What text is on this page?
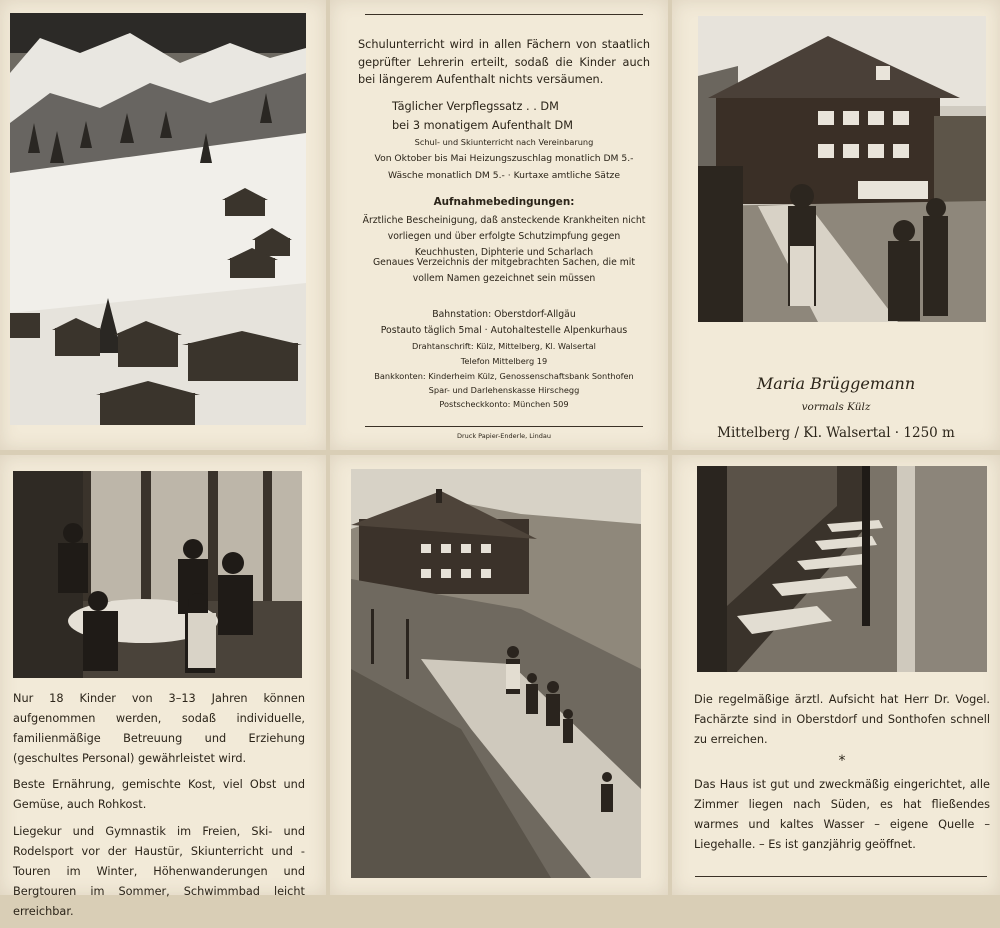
Schulunterricht wird in allen Fächern von staatlich geprüfter Lehrerin erteilt, sodaß die Kinder auch bei längerem Aufenthalt nichts versäumen.

Täglicher Verpflegssatz . . DM
bei 3 monatigem Aufenthalt DM
Schul- und Skiunterricht nach Vereinbarung
Von Oktober bis Mai Heizungszuschlag monatlich DM 5.-
Wäsche monatlich DM 5.- · Kurtaxe amtliche Sätze
Aufnahmebedingungen:
Ärztliche Bescheinigung, daß ansteckende Krankheiten nicht vorliegen und über erfolgte Schutzimpfung gegen Keuchhusten, Diphterie und Scharlach
Genaues Verzeichnis der mitgebrachten Sachen, die mit vollem Namen gezeichnet sein müssen
Bahnstation: Oberstdorf-Allgäu
Postauto täglich 5mal · Autohaltestelle Alpenkurhaus
Drahtanschrift: Külz, Mittelberg, Kl. Walsertal
Telefon Mittelberg 19
Bankkonten: Kinderheim Külz, Genossenschaftsbank Sonthofen
Spar- und Darlehenskasse Hirschegg
Postscheckkonto: München 509
Druck Papier-Enderle, Lindau
Maria Brüggemann
vormals Külz
Mittelberg / Kl. Walsertal · 1250 m

Nur 18 Kinder von 3–13 Jahren können aufgenommen werden, sodaß individuelle, familienmäßige Betreuung und Erziehung (geschultes Personal) gewährleistet wird.

Beste Ernährung, gemischte Kost, viel Obst und Gemüse, auch Rohkost.

Liegekur und Gymnastik im Freien, Ski- und Rodelsport vor der Haustür, Skiunterricht und -Touren im Winter, Höhenwanderungen und Bergtouren im Sommer, Schwimmbad leicht erreichbar.

Die regelmäßige ärztl. Aufsicht hat Herr Dr. Vogel. Fachärzte sind in Oberstdorf und Sonthofen schnell zu erreichen.

*

Das Haus ist gut und zweckmäßig eingerichtet, alle Zimmer liegen nach Süden, es hat fließendes warmes und kaltes Wasser – eigene Quelle – Liegehalle. – Es ist ganzjährig geöffnet.
